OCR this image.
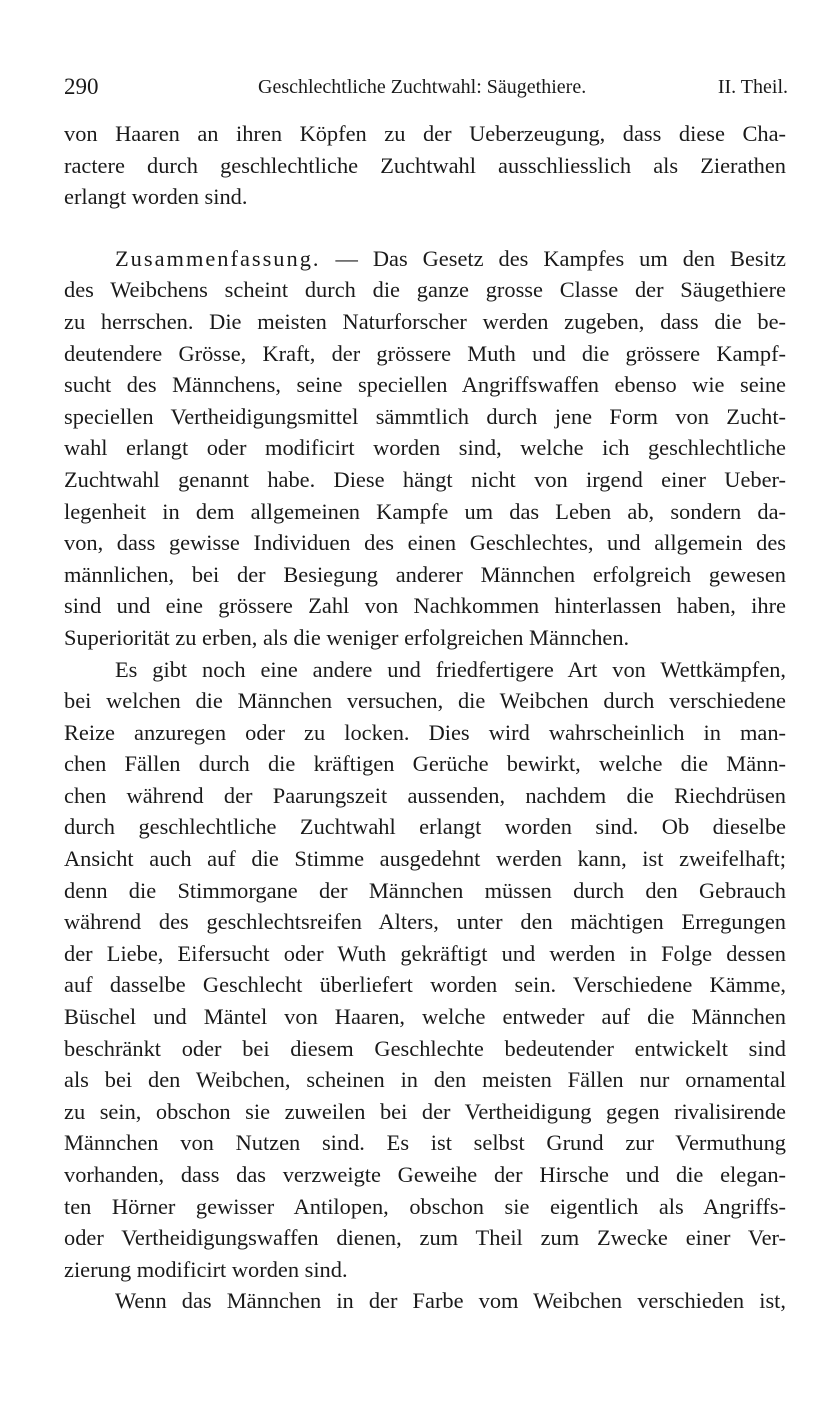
290	Geschlechtliche Zuchtwahl: Säugethiere.	II. Theil.
von Haaren an ihren Köpfen zu der Ueberzeugung, dass diese Cha-
ractere durch geschlechtliche Zuchtwahl ausschliesslich als Zierathen
erlangt worden sind.
Zusammenfassung. — Das Gesetz des Kampfes um den Besitz
des Weibchens scheint durch die ganze grosse Classe der Säugethiere
zu herrschen. Die meisten Naturforscher werden zugeben, dass die be-
deutendere Grösse, Kraft, der grössere Muth und die grössere Kampf-
sucht des Männchens, seine speciellen Angriffswaffen ebenso wie seine
speciellen Vertheidigungsmittel sämmtlich durch jene Form von Zucht-
wahl erlangt oder modificirt worden sind, welche ich geschlechtliche
Zuchtwahl genannt habe. Diese hängt nicht von irgend einer Ueber-
legenheit in dem allgemeinen Kampfe um das Leben ab, sondern da-
von, dass gewisse Individuen des einen Geschlechtes, und allgemein des
männlichen, bei der Besiegung anderer Männchen erfolgreich gewesen
sind und eine grössere Zahl von Nachkommen hinterlassen haben, ihre
Superiorität zu erben, als die weniger erfolgreichen Männchen.
Es gibt noch eine andere und friedfertigere Art von Wettkämpfen,
bei welchen die Männchen versuchen, die Weibchen durch verschiedene
Reize anzuregen oder zu locken. Dies wird wahrscheinlich in man-
chen Fällen durch die kräftigen Gerüche bewirkt, welche die Männ-
chen während der Paarungszeit aussenden, nachdem die Riechdrüsen
durch geschlechtliche Zuchtwahl erlangt worden sind. Ob dieselbe
Ansicht auch auf die Stimme ausgedehnt werden kann, ist zweifelhaft;
denn die Stimmorgane der Männchen müssen durch den Gebrauch
während des geschlechtsreifen Alters, unter den mächtigen Erregungen
der Liebe, Eifersucht oder Wuth gekräftigt und werden in Folge dessen
auf dasselbe Geschlecht überliefert worden sein. Verschiedene Kämme,
Büschel und Mäntel von Haaren, welche entweder auf die Männchen
beschränkt oder bei diesem Geschlechte bedeutender entwickelt sind
als bei den Weibchen, scheinen in den meisten Fällen nur ornamental
zu sein, obschon sie zuweilen bei der Vertheidigung gegen rivalisirende
Männchen von Nutzen sind. Es ist selbst Grund zur Vermuthung
vorhanden, dass das verzweigte Geweihe der Hirsche und die elegan-
ten Hörner gewisser Antilopen, obschon sie eigentlich als Angriffs-
oder Vertheidigungswaffen dienen, zum Theil zum Zwecke einer Ver-
zierung modificirt worden sind.
Wenn das Männchen in der Farbe vom Weibchen verschieden ist,
